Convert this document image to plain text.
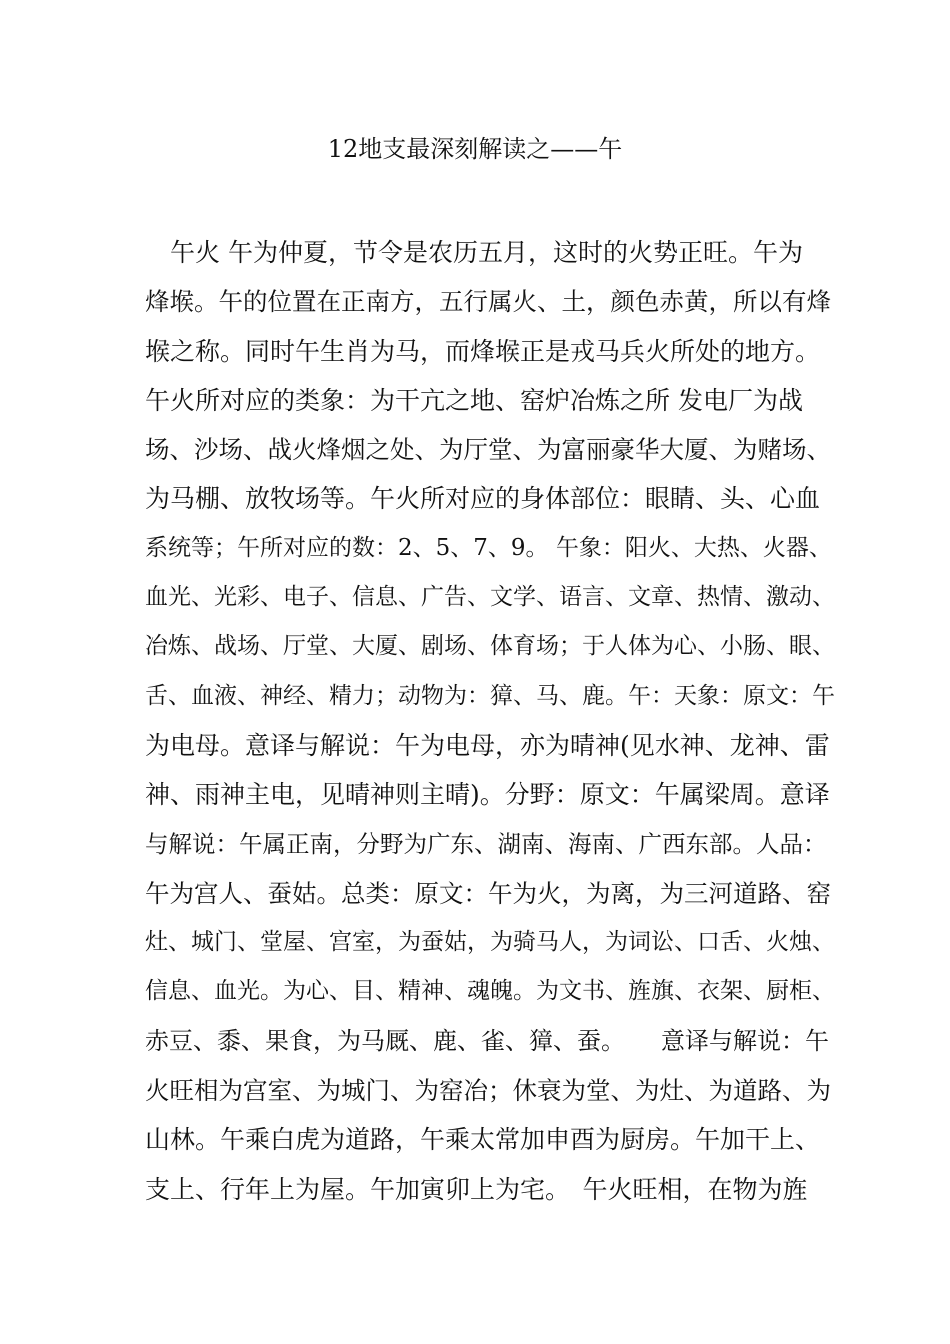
12地支最深刻解读之——午
　午火 午为仲夏，节令是农历五月，这时的火势正旺。午为
烽堠。午的位置在正南方，五行属火、土，颜色赤黄，所以有烽
堠之称。同时午生肖为马，而烽堠正是戎马兵火所处的地方。
午火所对应的类象：为干亢之地、窑炉冶炼之所 发电厂为战
场、沙场、战火烽烟之处、为厅堂、为富丽豪华大厦、为赌场、
为马棚、放牧场等。午火所对应的身体部位：眼睛、头、心血
系统等；午所对应的数：2、5、7、9。 午象：阳火、大热、火器、
血光、光彩、电子、信息、广告、文学、语言、文章、热情、激动、
冶炼、战场、厅堂、大厦、剧场、体育场；于人体为心、小肠、眼、
舌、血液、神经、精力；动物为：獐、马、鹿。午：天象：原文：午
为电母。意译与解说：午为电母，亦为晴神(见水神、龙神、雷
神、雨神主电，见晴神则主晴)。分野：原文：午属梁周。意译
与解说：午属正南，分野为广东、湖南、海南、广西东部。人品：
午为宫人、蚕姑。总类：原文：午为火，为离，为三河道路、窑
灶、城门、堂屋、宫室，为蚕姑，为骑马人，为词讼、口舌、火烛、
信息、血光。为心、目、精神、魂魄。为文书、旌旗、衣架、厨柜、
赤豆、黍、果食，为马厩、鹿、雀、獐、蚕。　　意译与解说：午
火旺相为宫室、为城门、为窑冶；休衰为堂、为灶、为道路、为
山林。午乘白虎为道路，午乘太常加申酉为厨房。午加干上、
支上、行年上为屋。午加寅卯上为宅。　午火旺相，在物为旌
